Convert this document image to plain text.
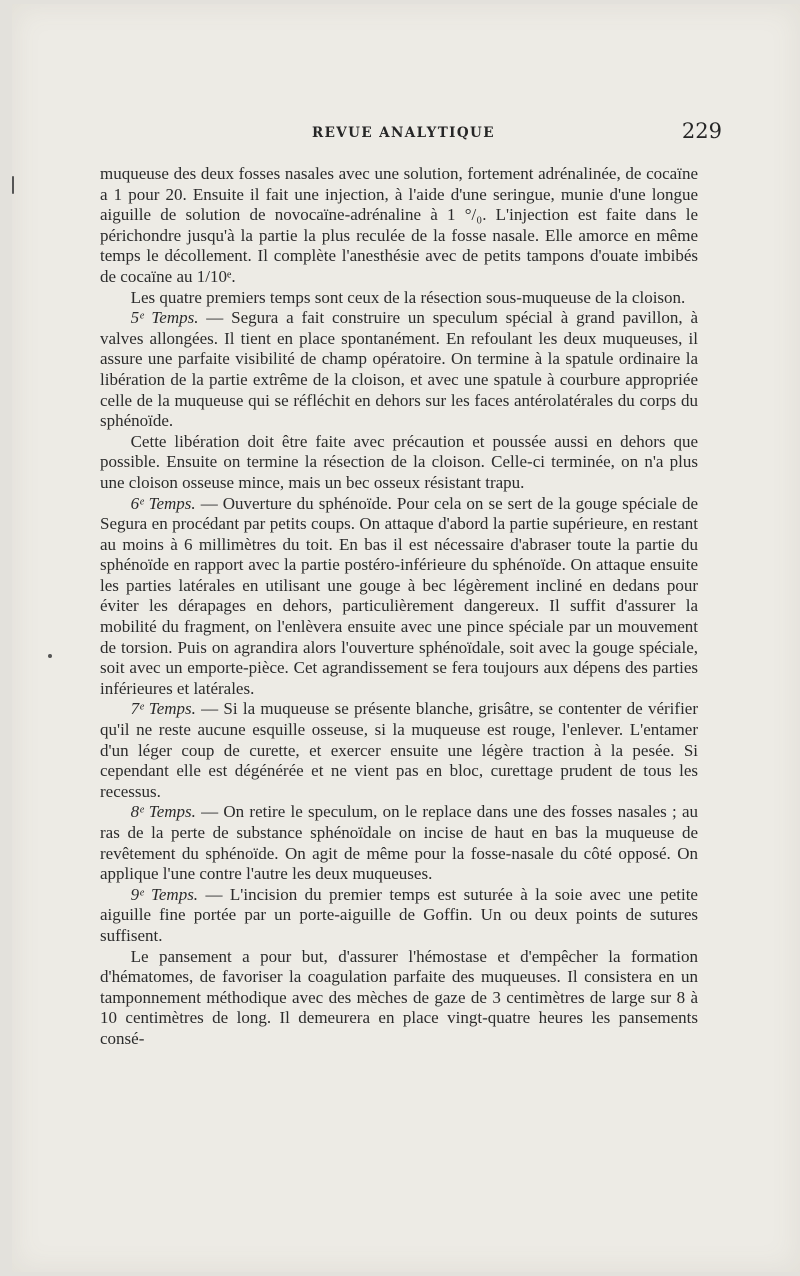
REVUE ANALYTIQUE	229

muqueuse des deux fosses nasales avec une solution, fortement adrénalinée, de cocaïne a 1 pour 20. Ensuite il fait une injection, à l'aide d'une seringue, munie d'une longue aiguille de solution de novocaïne-adrénaline à 1 °/₀. L'injection est faite dans le périchondre jusqu'à la partie la plus reculée de la fosse nasale. Elle amorce en même temps le décollement. Il complète l'anesthésie avec de petits tampons d'ouate imbibés de cocaïne au 1/10ᵉ.

Les quatre premiers temps sont ceux de la résection sous-muqueuse de la cloison.

5ᵉ Temps. — Segura a fait construire un speculum spécial à grand pavillon, à valves allongées. Il tient en place spontanément. En refoulant les deux muqueuses, il assure une parfaite visibilité de champ opératoire. On termine à la spatule ordinaire la libération de la partie extrême de la cloison, et avec une spatule à courbure appropriée celle de la muqueuse qui se réfléchit en dehors sur les faces antérolatérales du corps du sphénoïde.

Cette libération doit être faite avec précaution et poussée aussi en dehors que possible. Ensuite on termine la résection de la cloison. Celle-ci terminée, on n'a plus une cloison osseuse mince, mais un bec osseux résistant trapu.

6ᵉ Temps. — Ouverture du sphénoïde. Pour cela on se sert de la gouge spéciale de Segura en procédant par petits coups. On attaque d'abord la partie supérieure, en restant au moins à 6 millimètres du toit. En bas il est nécessaire d'abraser toute la partie du sphénoïde en rapport avec la partie postéro-inférieure du sphénoïde. On attaque ensuite les parties latérales en utilisant une gouge à bec légèrement incliné en dedans pour éviter les dérapages en dehors, particulièrement dangereux. Il suffit d'assurer la mobilité du fragment, on l'enlèvera ensuite avec une pince spéciale par un mouvement de torsion. Puis on agrandira alors l'ouverture sphénoïdale, soit avec la gouge spéciale, soit avec un emporte-pièce. Cet agrandissement se fera toujours aux dépens des parties inférieures et latérales.

7ᵉ Temps. — Si la muqueuse se présente blanche, grisâtre, se contenter de vérifier qu'il ne reste aucune esquille osseuse, si la muqueuse est rouge, l'enlever. L'entamer d'un léger coup de curette, et exercer ensuite une légère traction à la pesée. Si cependant elle est dégénérée et ne vient pas en bloc, curettage prudent de tous les recessus.

8ᵉ Temps. — On retire le speculum, on le replace dans une des fosses nasales ; au ras de la perte de substance sphénoïdale on incise de haut en bas la muqueuse de revêtement du sphénoïde. On agit de même pour la fosse-nasale du côté opposé. On applique l'une contre l'autre les deux muqueuses.

9ᵉ Temps. — L'incision du premier temps est suturée à la soie avec une petite aiguille fine portée par un porte-aiguille de Goffin. Un ou deux points de sutures suffisent.

Le pansement a pour but, d'assurer l'hémostase et d'empêcher la formation d'hématomes, de favoriser la coagulation parfaite des muqueuses. Il consistera en un tamponnement méthodique avec des mèches de gaze de 3 centimètres de large sur 8 à 10 centimètres de long. Il demeurera en place vingt-quatre heures les pansements consé-
